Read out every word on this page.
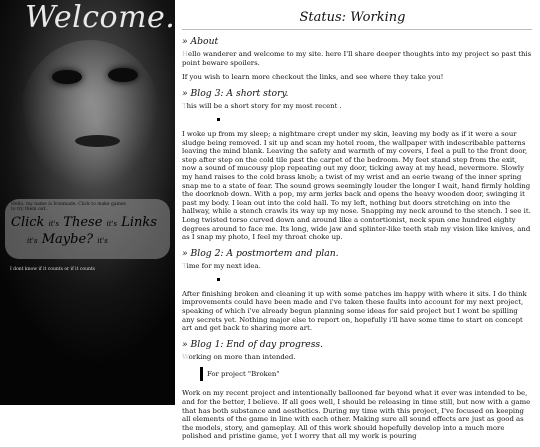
Welcome.
Hello, my name is Ironmade. Click to make games to try them out.
Click it's These it's Links
it's Maybe? it's
I dont know if it counts or if it counts
Status: Working
» About

Hello wanderer and welcome to my site. here I'll share deeper thoughts into my project so past this point beware spoilers.

If you wish to learn more checkout the links, and see where they take you!

» Blog 3: A short story.

This will be a short story for my most recent .

I woke up from my sleep; a nightmare crept under my skin, leaving my body as if it were a sour sludge being removed. I sit up and scan my hotel room, the wallpaper with indescribable patterns leaving the mind blank. Leaving the safety and warmth of my covers, I feel a pull to the front door, step after step on the cold tile past the carpet of the bedroom. My feet stand step from the exit, now a sound of mucousy plop repeating out my door, ticking away at my head, nevermore. Slowly my hand raises to the cold brass knob; a twist of my wrist and an eerie twang of the inner spring snap me to a state of fear. The sound grows seemingly louder the longer I wait, hand firmly holding the doorknob down. With a pop, my arm jerks back and opens the heavy wooden door, swinging it past my body. I lean out into the cold hall. To my left, nothing but doors stretching on into the hallway, while a stench crawls its way up my nose. Snapping my neck around to the stench. I see it. Long twisted torso curved down and around like a contortionist, neck spun one hundred eighty degrees around to face me. Its long, wide jaw and splinter-like teeth stab my vision like knives, and as I snap my photo, I feel my throat choke up.

» Blog 2: A postmortem and plan.

Time for my next idea.

After finishing broken and cleaning it up with some patches im happy with where it sits. I do think improvements could have been made and i've taken these faults into account for my next project, speaking of which i've already begun planning some ideas for said project but I wont be spilling any secrets yet. Nothing major else to report on, hopefully i'll have some time to start on concept art and get back to sharing more art.

» Blog 1: End of day progress.

Working on more than intended.

For project "Broken"

Work on my recent project and intentionally ballooned far beyond what it ever was intended to be, and for the better, I believe. If all goes well, I should be releasing in time still, but now with a game that has both substance and aesthetics. During my time with this project, I've focused on keeping all elements of the game in line with each other. Making sure all sound effects are just as good as the models, story, and gameplay. All of this work should hopefully develop into a much more polished and pristine game, yet I worry that all my work is pouring
